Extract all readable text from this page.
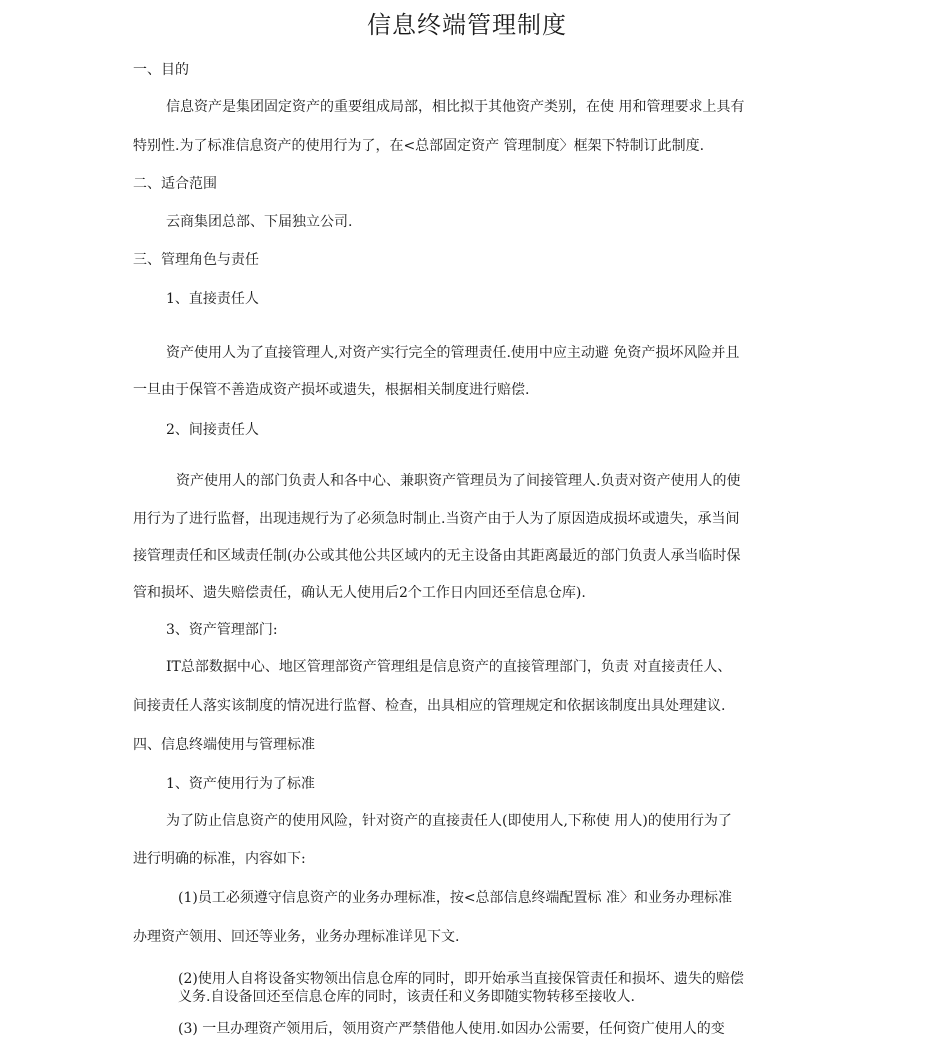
信息终端管理制度
一、目的
信息资产是集团固定资产的重要组成局部，相比拟于其他资产类别，在使 用和管理要求上具有
特别性.为了标准信息资产的使用行为了，在<总部固定资产 管理制度〉框架下特制订此制度.
二、适合范围
云商集团总部、下届独立公司.
三、管理角色与责任
1、直接责任人
资产使用人为了直接管理人,对资产实行完全的管理责任.使用中应主动避 免资产损坏风险并且
一旦由于保管不善造成资产损坏或遗失，根据相关制度进行赔偿.
2、间接责任人
资产使用人的部门负责人和各中心、兼职资产管理员为了间接管理人.负责对资产使用人的使
用行为了进行监督，出现违规行为了必须急时制止.当资产由于人为了原因造成损坏或遗失，承当间
接管理责任和区域责任制(办公或其他公共区域内的无主设备由其距离最近的部门负责人承当临时保
管和损坏、遗失赔偿责任，确认无人使用后2个工作日内回还至信息仓库).
3、资产管理部门:
IT总部数据中心、地区管理部资产管理组是信息资产的直接管理部门，负责 对直接责任人、
间接责任人落实该制度的情况进行监督、检查，出具相应的管理规定和依据该制度出具处理建议.
四、信息终端使用与管理标准
1、资产使用行为了标准
为了防止信息资产的使用风险，针对资产的直接责任人(即使用人,下称使 用人)的使用行为了
进行明确的标准，内容如下:
(1)员工必须遵守信息资产的业务办理标准，按<总部信息终端配置标 准〉和业务办理标准
办理资产领用、回还等业务，业务办理标准详见下文.
(2)使用人自将设备实物领出信息仓库的同时，即开始承当直接保管责任和损坏、遗失的赔偿
义务.自设备回还至信息仓库的同时，该责任和义务即随实物转移至接收人.
(3) 一旦办理资产领用后，领用资产严禁借他人使用.如因办公需要，任何资广使用人的变
